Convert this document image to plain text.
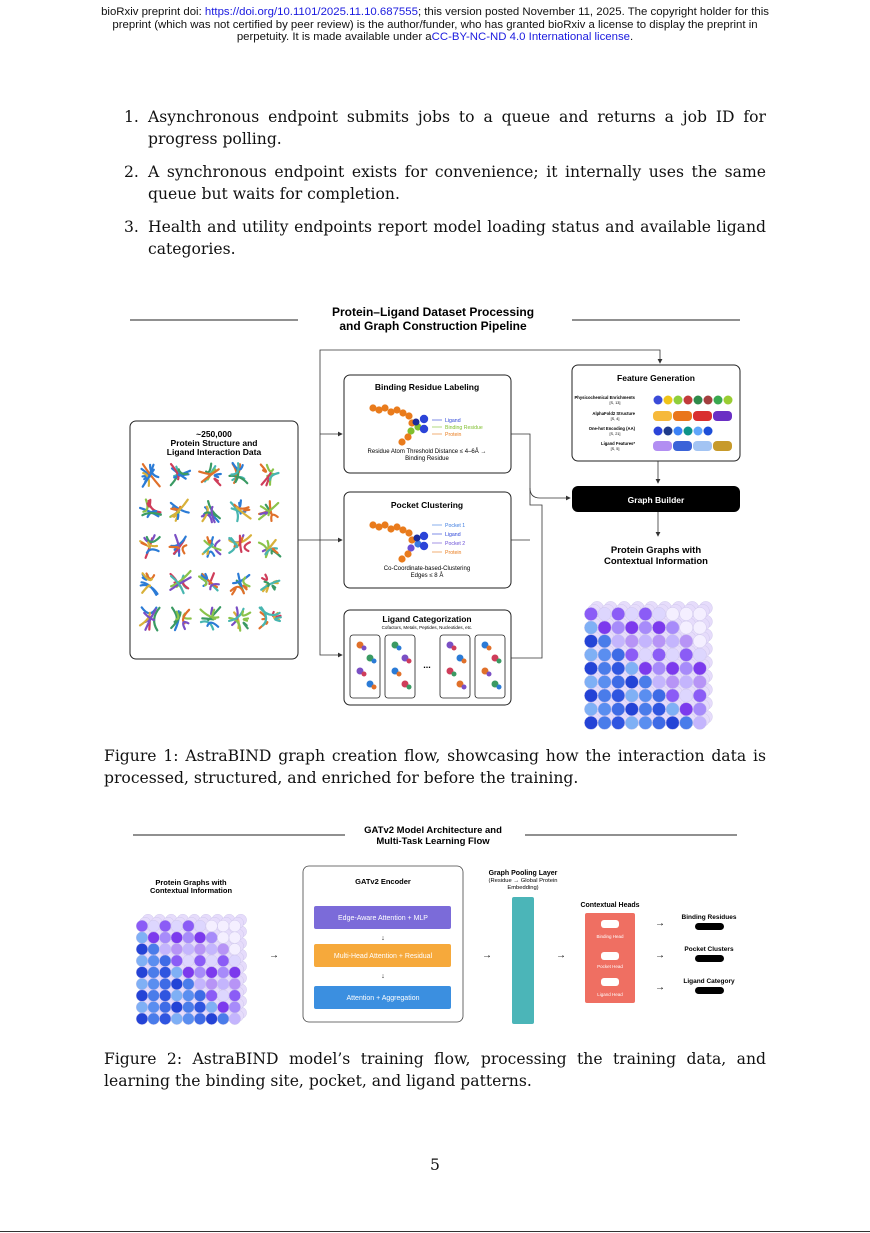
bioRxiv preprint doi: https://doi.org/10.1101/2025.11.10.687555; this version posted November 11, 2025. The copyright holder for this
preprint (which was not certified by peer review) is the author/funder, who has granted bioRxiv a license to display the preprint in
perpetuity. It is made available under aCC-BY-NC-ND 4.0 International license.
1. Asynchronous endpoint submits jobs to a queue and returns a job ID for progress polling.
2. A synchronous endpoint exists for convenience; it internally uses the same queue but waits for completion.
3. Health and utility endpoints report model loading status and available ligand categories.
Protein–Ligand Dataset Processing
and Graph Construction Pipeline
~250,000
Protein Structure and
Ligand Interaction Data
Binding Residue Labeling
Ligand
Binding Residue
Protein
Residue Atom Threshold Distance ≤ 4–6Å →
Binding Residue
Pocket Clustering
Pocket 1
Ligand
Pocket 2
Protein
Co-Coordinate-based-Clustering
Edges ≤ 8 Å
Ligand Categorization
Cofactors, Metals, Peptides, Nucleotides, etc.
...
Feature Generation
Physicochemical Enrichments
[S, 13]
AlphaFold2 Structure
[S, 4]
One-hot Encoding (AA)
[S, 21]
Ligand Features*
[S, 5]
Graph Builder
Protein Graphs with
Contextual Information
Figure 1: AstraBIND graph creation flow, showcasing how the interaction data is processed, structured, and enriched for before the training.
GATv2 Model Architecture and
Multi-Task Learning Flow
Protein Graphs with
Contextual Information
→
GATv2 Encoder
Edge-Aware Attention + MLP
↓
Multi-Head Attention + Residual
↓
Attention + Aggregation
→
Graph Pooling Layer
(Residue → Global Protein
Embedding)
→
Contextual Heads
Binding Head
Pocket Head
Ligand Head
→
→
→
Binding Residues
Pocket Clusters
Ligand Category
Figure 2: AstraBIND model’s training flow, processing the training data, and learning the binding site, pocket, and ligand patterns.
5
